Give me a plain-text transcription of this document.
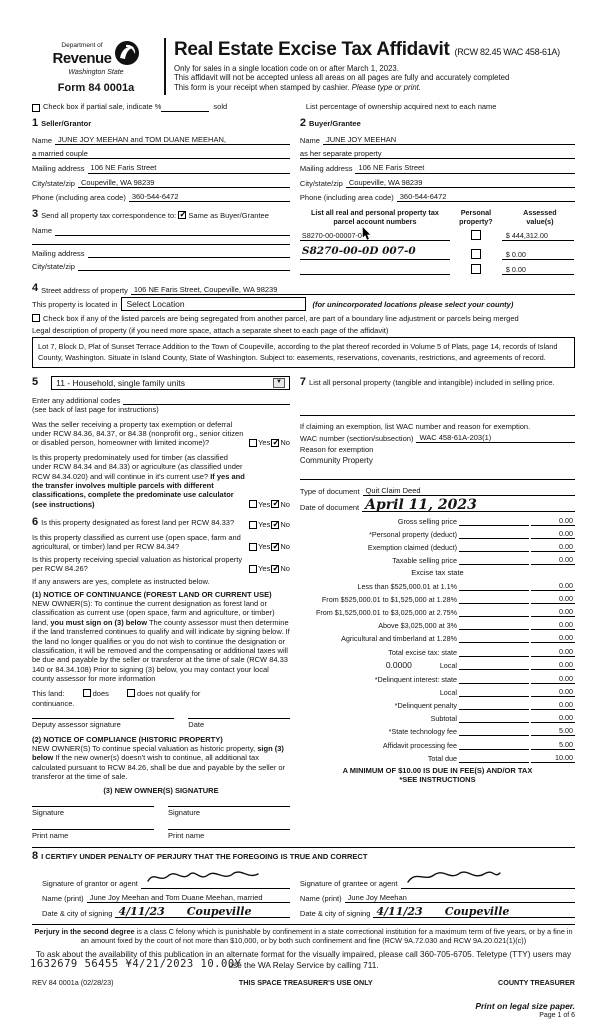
Department of
Revenue
Washington State
Form 84 0001a
Real Estate Excise Tax Affidavit (RCW 82.45 WAC 458-61A)
Only for sales in a single location code on or after March 1, 2023.
This affidavit will not be accepted unless all areas on all pages are fully and accurately completed
This form is your receipt when stamped by cashier. Please type or print.
Check box if partial sale, indicate %	sold	List percentage of ownership acquired next to each name
1 Seller/Grantor
Name JUNE JOY MEEHAN and TOM DUANE MEEHAN,
a married couple
Mailing address 106 NE Faris Street
City/state/zip Coupeville, WA 98239
Phone (including area code) 360-544-6472
2 Buyer/Grantee
Name JUNE JOY MEEHAN
as her separate property
Mailing address 106 NE Faris Street
City/state/zip Coupeville, WA 98239
Phone (including area code) 360-544-6472
3 Send all property tax correspondence to:
✓
Same as Buyer/Grantee
Name
Mailing address
City/state/zip
List all real and personal property tax parcel account numbers
Personal
property?
Assessed
value(s)
S8270-00-00007-0	$ 444,312.00
S8270-00-0D 007-0	$ 0.00
$ 0.00
4 Street address of property 106 NE Faris Street, Coupeville, WA 98239
This property is located in Select Location	(for unincorporated locations please select your county)
Check box if any of the listed parcels are being segregated from another parcel, are part of a boundary line adjustment or parcels being merged
Legal description of property (if you need more space, attach a separate sheet to each page of the affidavit)
Lot 7, Block D, Plat of Sunset Terrace Addition to the Town of Coupeville, according to the plat thereof recorded in Volume 5 of Plats, page 14, records of Island County, Washington. Situate in Island County, State of Washington. Subject to: easements, reservations, covenants, restrictions, and agreements of record.
5 11 - Household, single family units	▼
Enter any additional codes
(see back of last page for instructions)
Was the seller receiving a property tax exemption or deferral under RCW 84.36, 84.37, or 84.38 (nonprofit org., senior citizen or disabled person, homeowner with limited income)?	Yes ✓ No
Is this property predominately used for timber (as classified under RCW 84.34 and 84.33) or agriculture (as classified under RCW 84.34.020) and will continue in it's current use? If yes and the transfer involves multiple parcels with different classifications, complete the predominate use calculator (see instructions)	Yes ✓ No
6 Is this property designated as forest land per RCW 84.33?	Yes ✓ No
Is this property classified as current use (open space, farm and agricultural, or timber) land per RCW 84.34?	Yes ✓ No
Is this property receiving special valuation as historical property per RCW 84.26?	Yes ✓ No
If any answers are yes, complete as instructed below.
(1) NOTICE OF CONTINUANCE (FOREST LAND OR CURRENT USE)
NEW OWNER(S): To continue the current designation as forest land or classification as current use (open space, farm and agriculture, or timber) land, you must sign on (3) below The county assessor must then determine if the land transferred continues to qualify and will indicate by signing below. If the land no longer qualifies or you do not wish to continue the designation or classification, it will be removed and the compensating or additional taxes will be due and payable by the seller or transferor at the time of sale (RCW 84.33 140 or 84.34.108) Prior to signing (3) below, you may contact your local county assessor for more information
This land:	does	does not qualify for
continuance.
Deputy assessor signature	Date
(2) NOTICE OF COMPLIANCE (HISTORIC PROPERTY)
NEW OWNER(S) To continue special valuation as historic property, sign (3) below If the new owner(s) doesn't wish to continue, all additional tax calculated pursuant to RCW 84.26, shall be due and payable by the seller or transferor at the time of sale.
(3) NEW OWNER(S) SIGNATURE
Signature	Signature
Print name	Print name
7 List all personal property (tangible and intangible) included in selling price.
If claiming an exemption, list WAC number and reason for exemption.
WAC number (section/subsection) WAC 458-61A-203(1)
Reason for exemption
Community Property
Type of document Quit Claim Deed
Date of document April 11, 2023
Gross selling price	0.00
*Personal property (deduct)	0.00
Exemption claimed (deduct)	0.00
Taxable selling price	0.00
Excise tax state
Less than $525,000.01 at 1.1%	0.00
From $525,000.01 to $1,525,000 at 1.28%	0.00
From $1,525,000.01 to $3,025,000 at 2.75%	0.00
Above $3,025,000 at 3%	0.00
Agricultural and timberland at 1.28%	0.00
Total excise tax: state	0.00
0.0000	Local	0.00
*Delinquent interest: state	0.00
Local	0.00
*Delinquent penalty	0.00
Subtotal	0.00
*State technology fee	5.00
Affidavit processing fee	5.00
Total due	10.00
A MINIMUM OF $10.00 IS DUE IN FEE(S) AND/OR TAX
*SEE INSTRUCTIONS
8 I CERTIFY UNDER PENALTY OF PERJURY THAT THE FOREGOING IS TRUE AND CORRECT
Signature of grantor or agent
Name (print) June Joy Meehan and Tom Duane Meehan, married
Date & city of signing 4/11/23 Coupeville
Signature of grantee or agent
Name (print) June Joy Meehan
Date & city of signing 4/11/23 Coupeville
Perjury in the second degree is a class C felony which is punishable by confinement in a state correctional institution for a maximum term of five years, or by a fine in an amount fixed by the court of not more than $10,000, or by both such confinement and fine (RCW 9A.72.030 and RCW 9A.20.021(1)(c))
To ask about the availability of this publication in an alternate format for the visually impaired, please call 360-705-6705. Teletype (TTY) users may use the WA Relay Service by calling 711.
REV 84 0001a (02/28/23)	THIS SPACE TREASURER'S USE ONLY	COUNTY TREASURER
Print on legal size paper.
Page 1 of 6
1632679 56455 ¥4/21/2023 10.00¥
